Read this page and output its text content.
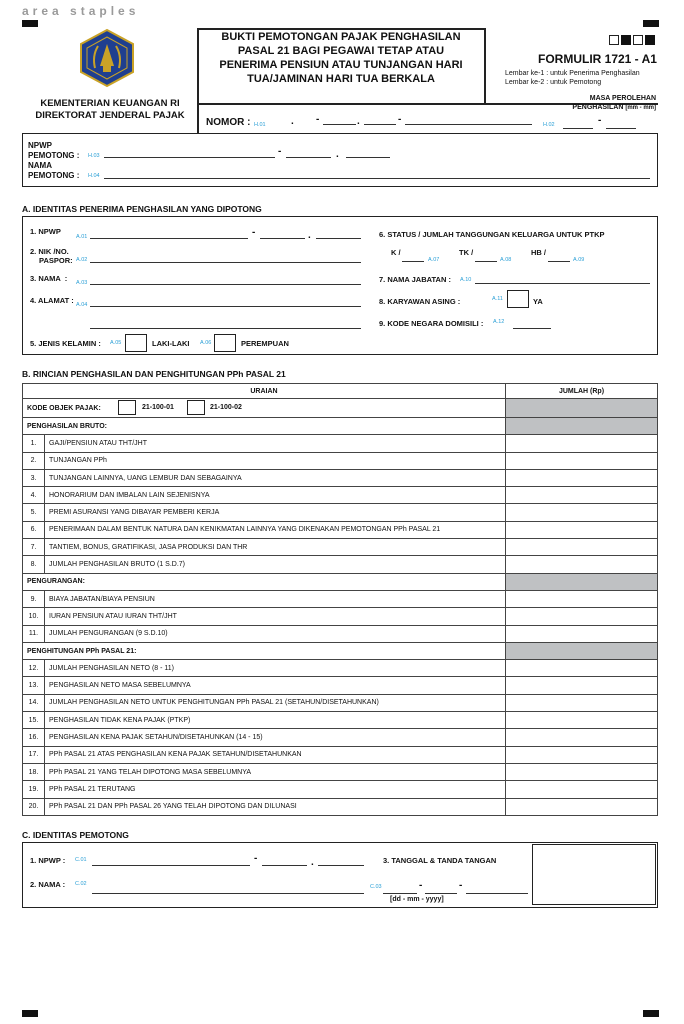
area staples
BUKTI PEMOTONGAN PAJAK PENGHASILAN
PASAL 21 BAGI PEGAWAI TETAP ATAU
PENERIMA PENSIUN ATAU TUNJANGAN HARI
TUA/JAMINAN HARI TUA BERKALA
KEMENTERIAN KEUANGAN RI
DIREKTORAT JENDERAL PAJAK
FORMULIR 1721 - A1
Lembar ke-1 : untuk Penerima Penghasilan
Lembar ke-2 : untuk Pemotong
NOMOR : H.01	. -	.	-
MASA PEROLEHAN
PENGHASILAN [mm - mm]
H.02	-
NPWP
PEMOTONG : H.03	-	.
NAMA
PEMOTONG : H.04
A. IDENTITAS PENERIMA PENGHASILAN YANG DIPOTONG
1. NPWP
A.01	-	.
2. NIK /NO.
PASPOR: A.02
3. NAMA  : A.03
4. ALAMAT : A.04
5. JENIS KELAMIN : A.05	LAKI-LAKI A.06	PEREMPUAN
6. STATUS / JUMLAH TANGGUNGAN KELUARGA UNTUK PTKP
K /
A.07
TK /
A.08
HB /
A.09
7. NAMA JABATAN : A.10
8. KARYAWAN ASING :	A.11	YA
9. KODE NEGARA DOMISILI : A.12
B. RINCIAN PENGHASILAN DAN PENGHITUNGAN PPh PASAL 21
URAIAN		JUMLAH (Rp)
KODE OBJEK PAJAK: 21-100-01 21-100-02		

PENGHASILAN BRUTO:		
1.	GAJI/PENSIUN ATAU THT/JHT	
2.	TUNJANGAN PPh	
3.	TUNJANGAN LAINNYA, UANG LEMBUR DAN SEBAGAINYA	
4.	HONORARIUM DAN IMBALAN LAIN SEJENISNYA	
5.	PREMI ASURANSI YANG DIBAYAR PEMBERI KERJA	
6.	PENERIMAAN DALAM BENTUK NATURA DAN KENIKMATAN LAINNYA YANG DIKENAKAN PEMOTONGAN PPh PASAL 21	
7.	TANTIEM, BONUS, GRATIFIKASI, JASA PRODUKSI DAN THR	
8.	JUMLAH PENGHASILAN BRUTO (1 S.D.7)	
PENGURANGAN:		
9.	BIAYA JABATAN/BIAYA PENSIUN	
10.	IURAN PENSIUN ATAU IURAN THT/JHT	
11.	JUMLAH PENGURANGAN (9 S.D.10)	
PENGHITUNGAN PPh PASAL 21:		
12.	JUMLAH PENGHASILAN NETO (8 - 11)	
13.	PENGHASILAN NETO MASA SEBELUMNYA	
14.	JUMLAH PENGHASILAN NETO UNTUK PENGHITUNGAN PPh PASAL 21 (SETAHUN/DISETAHUNKAN)	
15.	PENGHASILAN TIDAK KENA PAJAK (PTKP)	
16.	PENGHASILAN KENA PAJAK SETAHUN/DISETAHUNKAN (14 - 15)	
17.	PPh PASAL 21 ATAS PENGHASILAN KENA PAJAK SETAHUN/DISETAHUNKAN	
18.	PPh PASAL 21 YANG TELAH DIPOTONG MASA SEBELUMNYA	
19.	PPh PASAL 21 TERUTANG	
20.	PPh PASAL 21 DAN PPh PASAL 26 YANG TELAH DIPOTONG DAN DILUNASI	
C. IDENTITAS PEMOTONG
1. NPWP : C.01	-	.
2. NAMA : C.02
3. TANGGAL & TANDA TANGAN
C.03	-	-
[dd - mm - yyyy]
